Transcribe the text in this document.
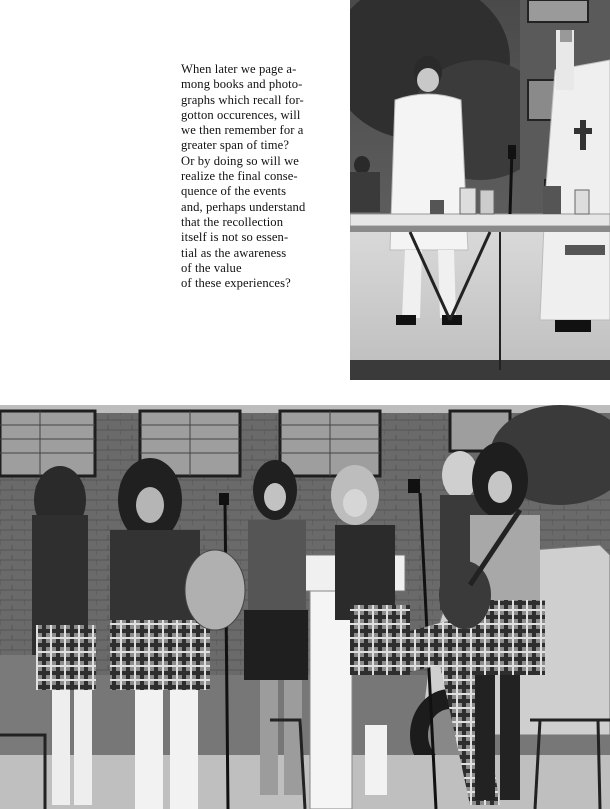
When later we page a-
mong books and photo-
graphs which recall for-
gotton occurences, will
we then remember for a
greater span of time?
Or by doing so will we
realize the final conse-
quence of the events
and, perhaps understand
that the recollection
itself is not so essen-
tial as the awareness
of the value
of these experiences?
